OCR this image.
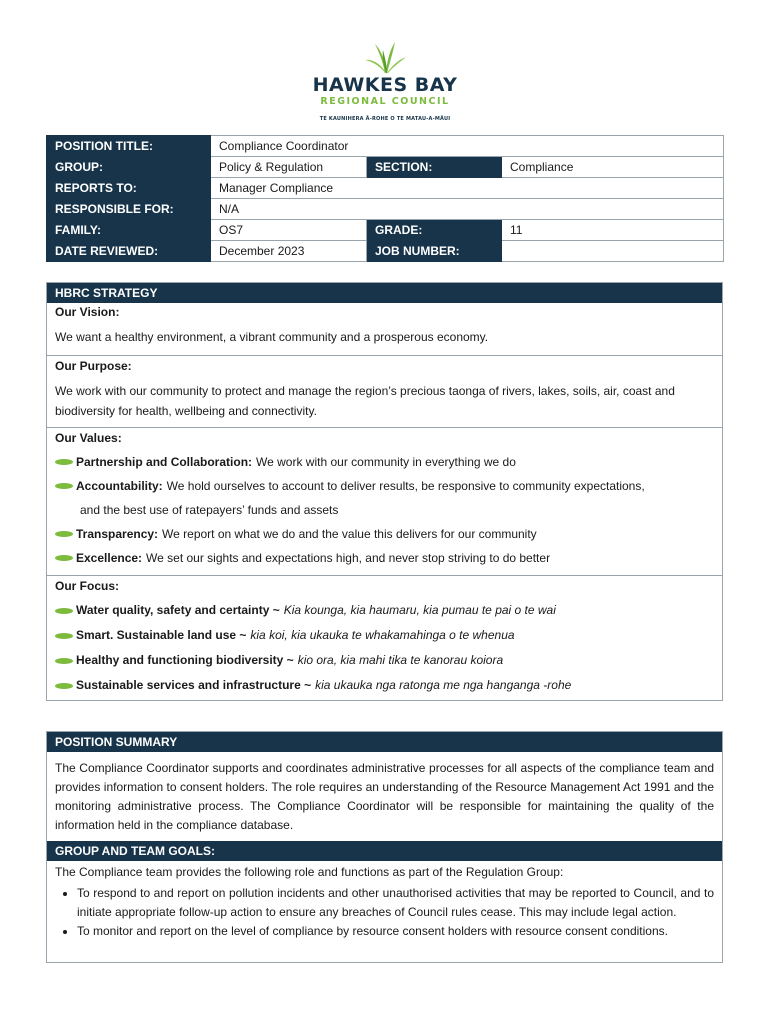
HAWKES BAY
REGIONAL COUNCIL
TE KAUNIHERA Ā-ROHE O TE MATAU-A-MĀUI
POSITION TITLE:	Compliance Coordinator		
GROUP:	Policy & Regulation	SECTION:	Compliance
REPORTS TO:	Manager Compliance		
RESPONSIBLE FOR:	N/A		
FAMILY:	OS7	GRADE:	11
DATE REVIEWED:	December 2023	JOB NUMBER:	
HBRC STRATEGY
Our Vision:
We want a healthy environment, a vibrant community and a prosperous economy.
Our Purpose:
We work with our community to protect and manage the region’s precious taonga of rivers, lakes, soils, air, coast and biodiversity for health, wellbeing and connectivity.
Our Values:
Partnership and Collaboration: We work with our community in everything we do
Accountability: We hold ourselves to account to deliver results, be responsive to community expectations,
and the best use of ratepayers’ funds and assets
Transparency: We report on what we do and the value this delivers for our community
Excellence: We set our sights and expectations high, and never stop striving to do better
Our Focus:
Water quality, safety and certainty ~ Kia kounga, kia haumaru, kia pumau te pai o te wai
Smart. Sustainable land use ~ kia koi, kia ukauka te whakamahinga o te whenua
Healthy and functioning biodiversity ~ kio ora, kia mahi tika te kanorau koiora
Sustainable services and infrastructure ~ kia ukauka nga ratonga me nga hanganga -rohe
POSITION SUMMARY
The Compliance Coordinator supports and coordinates administrative processes for all aspects of the compliance team and provides information to consent holders. The role requires an understanding of the Resource Management Act 1991 and the monitoring administrative process. The Compliance Coordinator will be responsible for maintaining the quality of the information held in the compliance database.
GROUP AND TEAM GOALS:
The Compliance team provides the following role and functions as part of the Regulation Group:
• To respond to and report on pollution incidents and other unauthorised activities that may be reported to Council, and to initiate appropriate follow-up action to ensure any breaches of Council rules cease. This may include legal action.
• To monitor and report on the level of compliance by resource consent holders with resource consent conditions.
